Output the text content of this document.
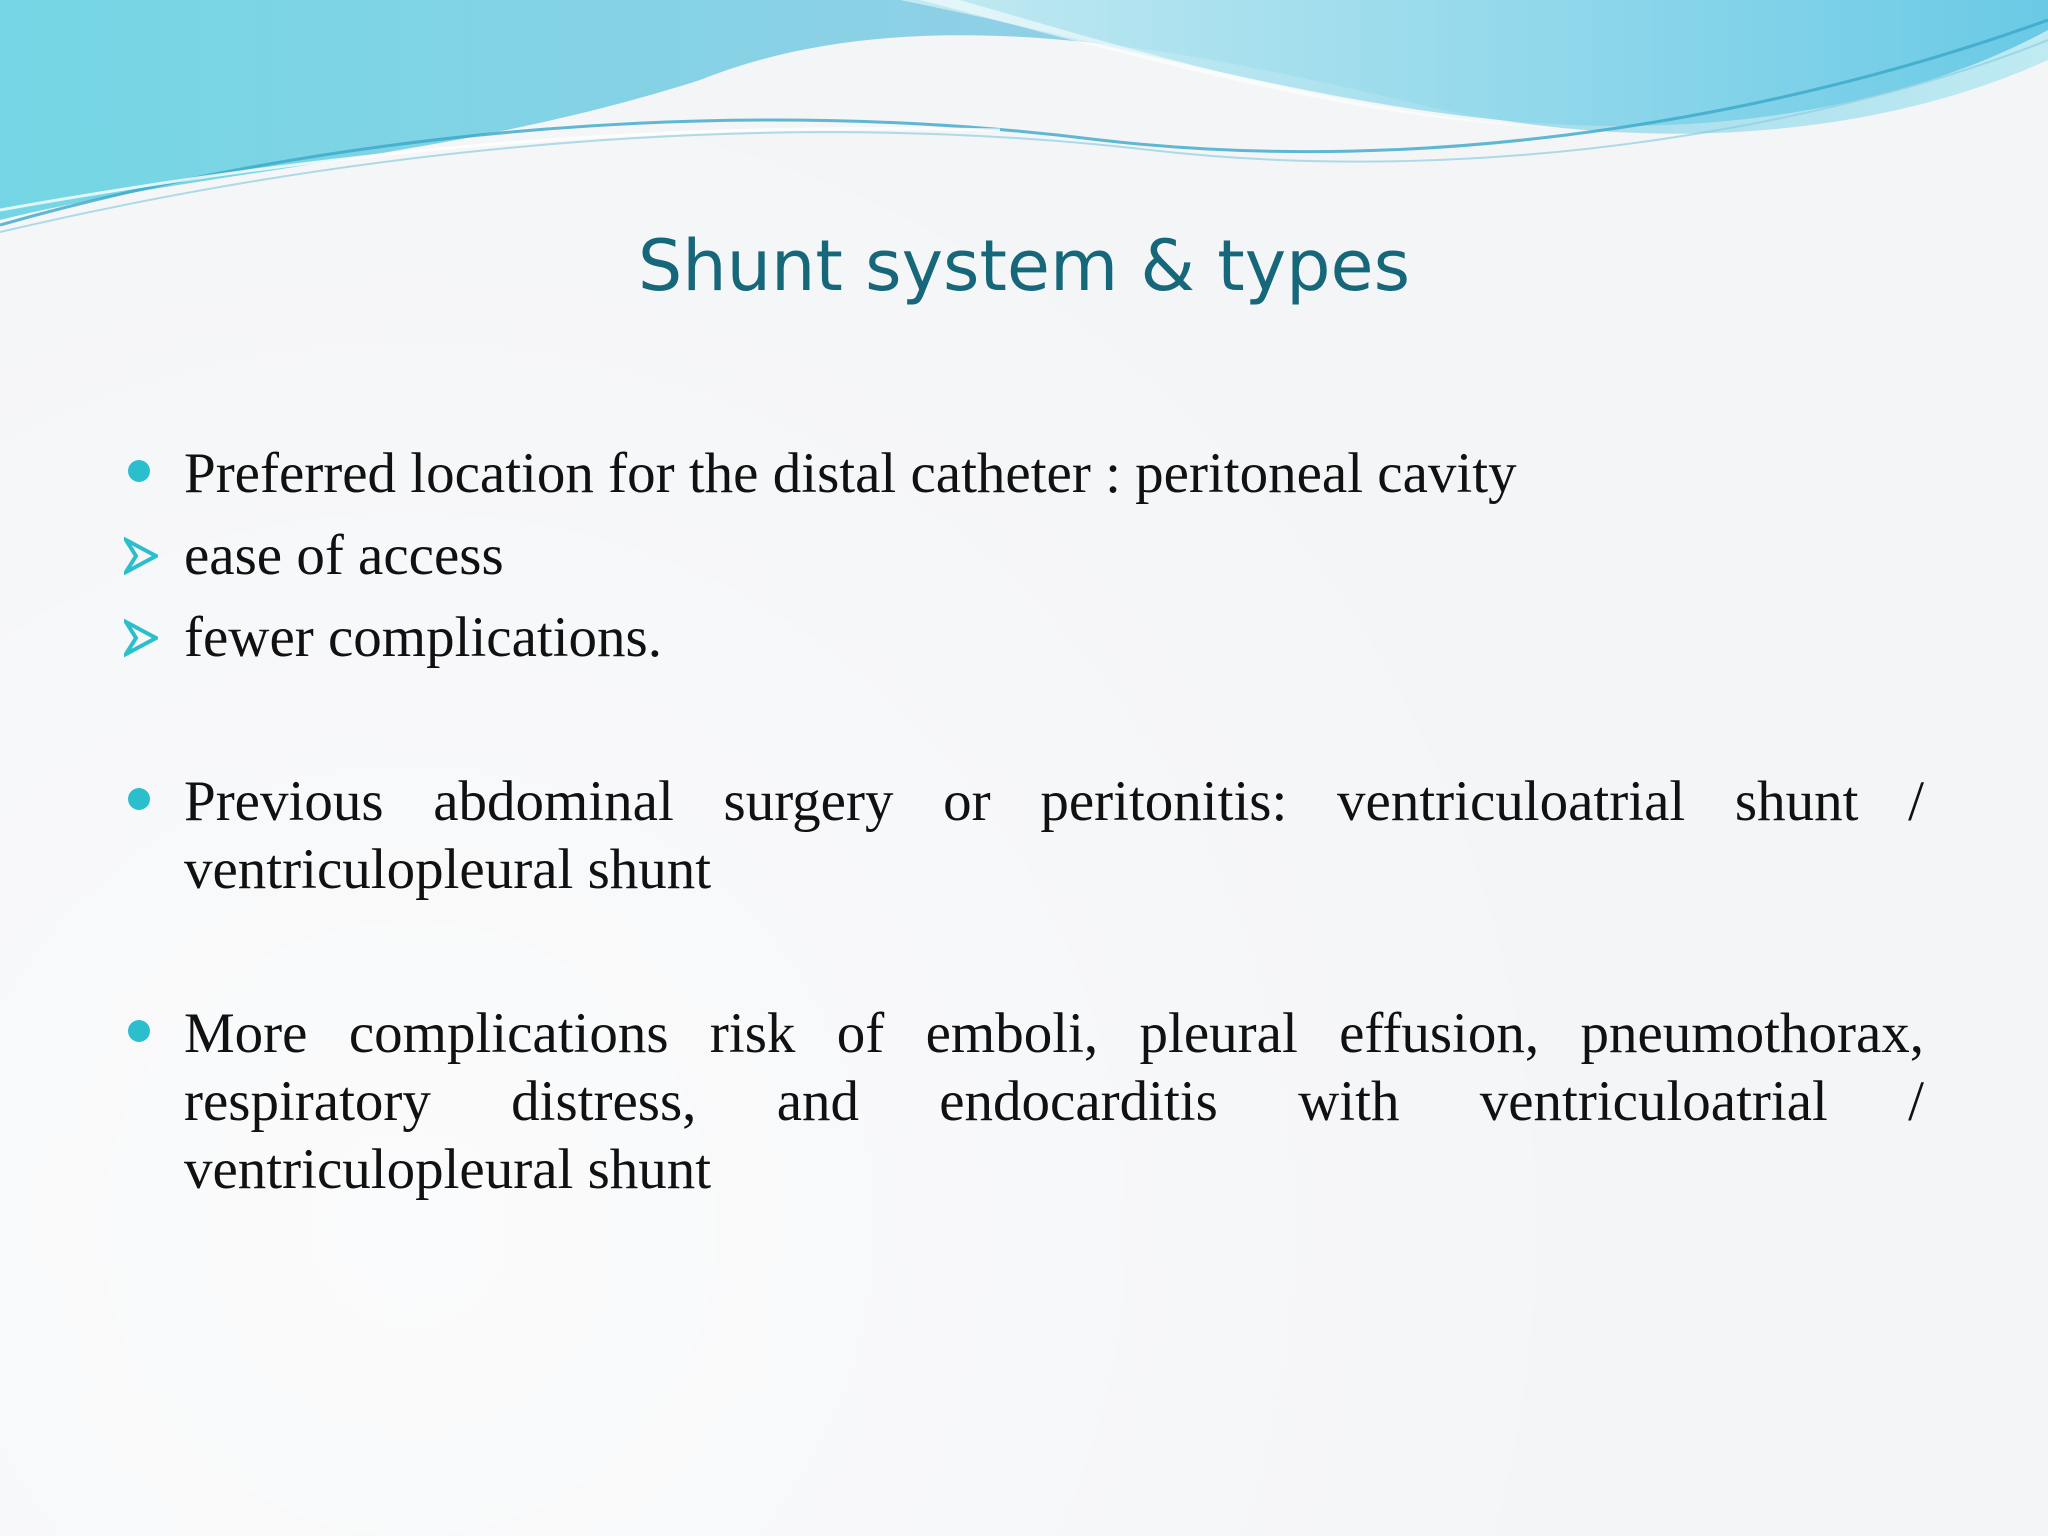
Shunt system & types
Preferred location for the distal catheter : peritoneal cavity
ease of access
fewer complications.
Previous abdominal surgery or peritonitis: ventriculoatrial shunt / ventriculopleural shunt
More complications risk of emboli, pleural effusion, pneumothorax, respiratory distress, and endocarditis with ventriculoatrial / ventriculopleural shunt
